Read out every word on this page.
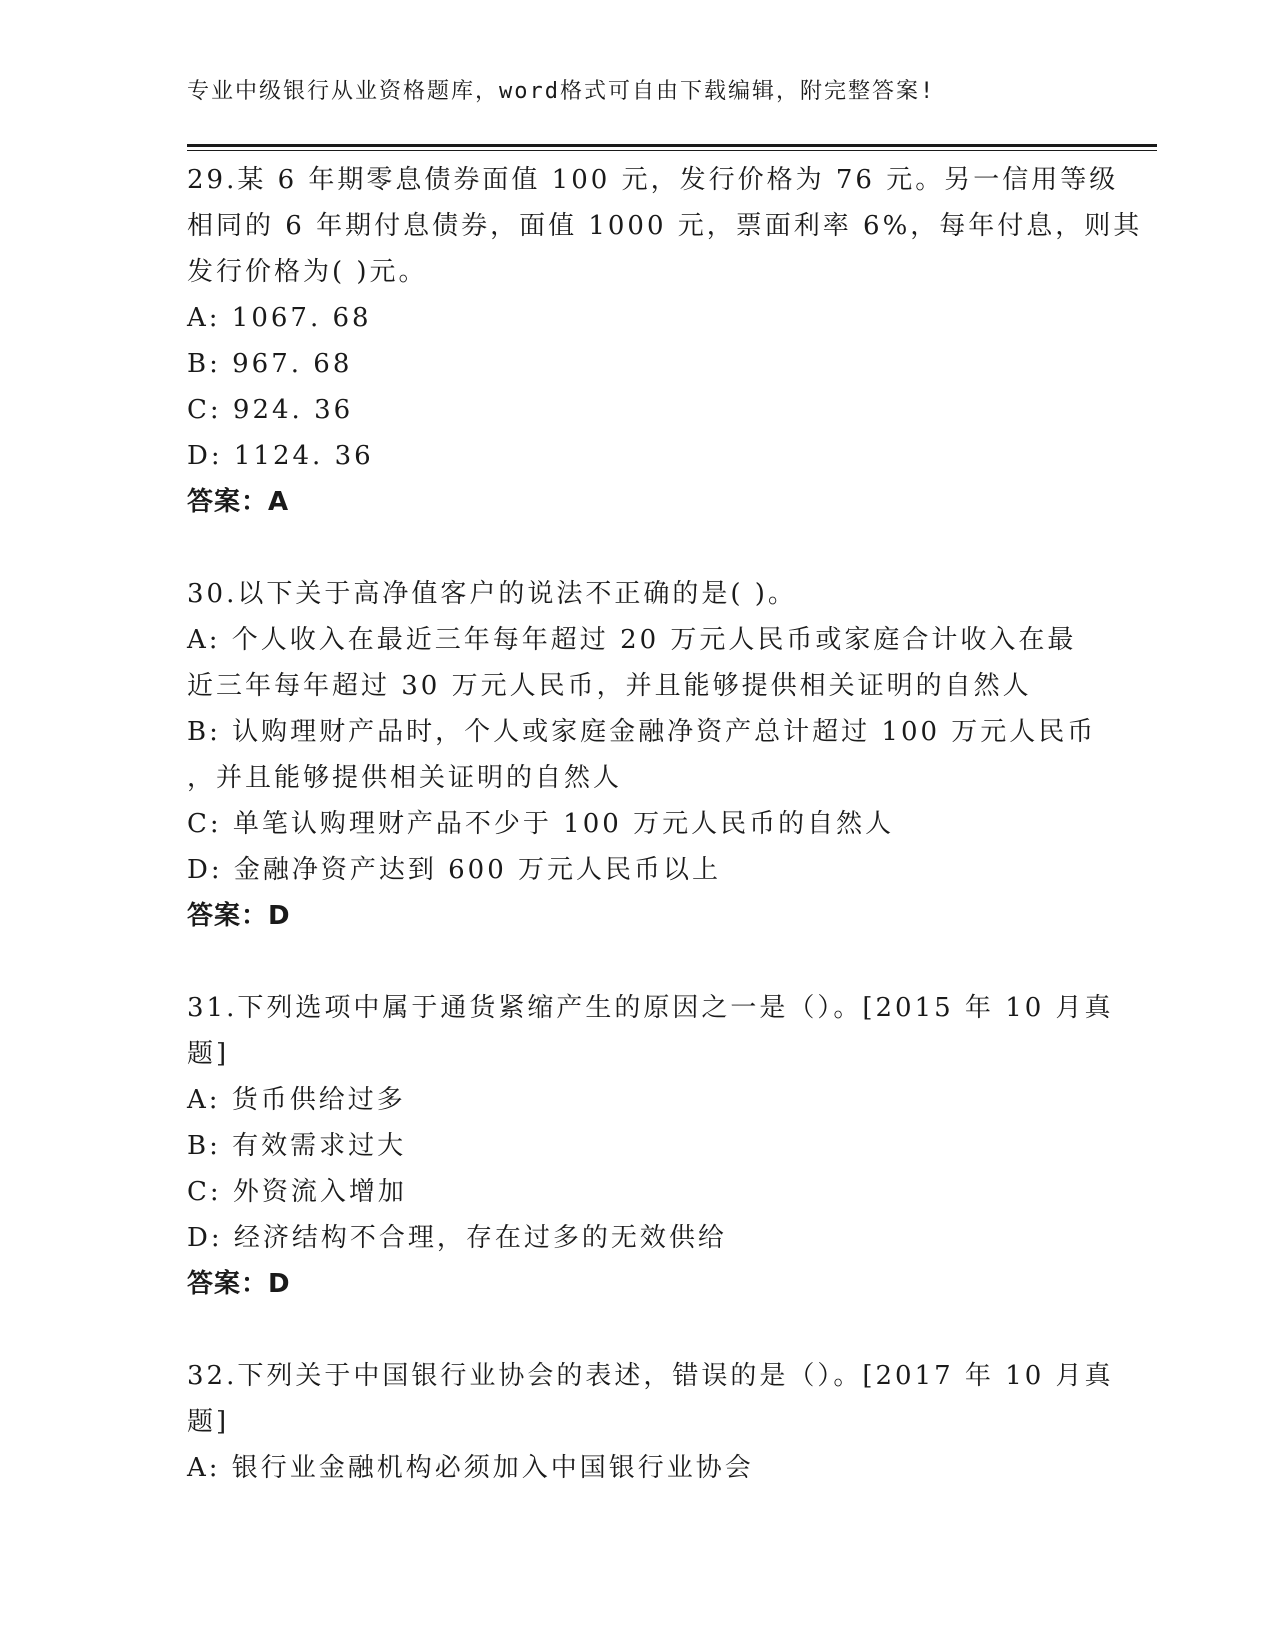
专业中级银行从业资格题库，word格式可自由下载编辑，附完整答案!
29.某 6 年期零息债券面值 100 元，发行价格为 76 元。另一信用等级
相同的 6 年期付息债券，面值 1000 元，票面利率 6%，每年付息，则其
发行价格为( )元。
A: 1067. 68
B: 967. 68
C: 924. 36
D: 1124. 36
答案：A
30.以下关于高净值客户的说法不正确的是( )。
A: 个人收入在最近三年每年超过 20 万元人民币或家庭合计收入在最
近三年每年超过 30 万元人民币，并且能够提供相关证明的自然人
B: 认购理财产品时，个人或家庭金融净资产总计超过 100 万元人民币
，并且能够提供相关证明的自然人
C: 单笔认购理财产品不少于 100 万元人民币的自然人
D: 金融净资产达到 600 万元人民币以上
答案：D
31.下列选项中属于通货紧缩产生的原因之一是（）。[2015 年 10 月真
题]
A: 货币供给过多
B: 有效需求过大
C: 外资流入增加
D: 经济结构不合理，存在过多的无效供给
答案：D
32.下列关于中国银行业协会的表述，错误的是（）。[2017 年 10 月真
题]
A: 银行业金融机构必须加入中国银行业协会
